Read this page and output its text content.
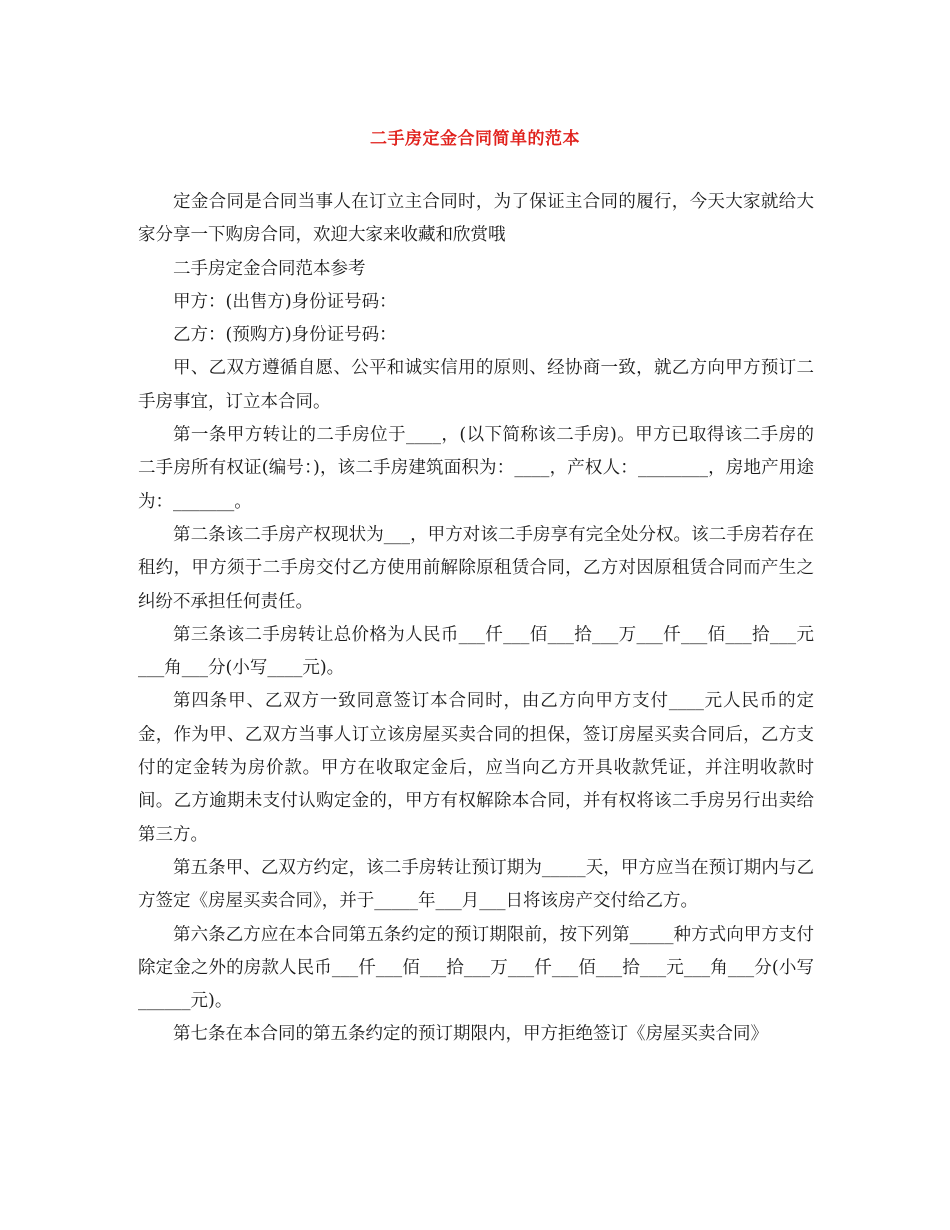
二手房定金合同简单的范本

定金合同是合同当事人在订立主合同时，为了保证主合同的履行，今天大家就给大家分享一下购房合同，欢迎大家来收藏和欣赏哦

二手房定金合同范本参考

甲方：(出售方)身份证号码：

乙方：(预购方)身份证号码：

甲、乙双方遵循自愿、公平和诚实信用的原则、经协商一致，就乙方向甲方预订二手房事宜，订立本合同。

第一条甲方转让的二手房位于____，(以下简称该二手房)。甲方已取得该二手房的二手房所有权证(编号：)，该二手房建筑面积为：____，产权人：________，房地产用途为：_______。

第二条该二手房产权现状为___，甲方对该二手房享有完全处分权。该二手房若存在租约，甲方须于二手房交付乙方使用前解除原租赁合同，乙方对因原租赁合同而产生之纠纷不承担任何责任。

第三条该二手房转让总价格为人民币___仟___佰___拾___万___仟___佰___拾___元___角___分(小写____元)。

第四条甲、乙双方一致同意签订本合同时，由乙方向甲方支付____元人民币的定金，作为甲、乙双方当事人订立该房屋买卖合同的担保，签订房屋买卖合同后，乙方支付的定金转为房价款。甲方在收取定金后，应当向乙方开具收款凭证，并注明收款时间。乙方逾期未支付认购定金的，甲方有权解除本合同，并有权将该二手房另行出卖给第三方。

第五条甲、乙双方约定，该二手房转让预订期为_____天，甲方应当在预订期内与乙方签定《房屋买卖合同》，并于_____年___月___日将该房产交付给乙方。

第六条乙方应在本合同第五条约定的预订期限前，按下列第_____种方式向甲方支付除定金之外的房款人民币___仟___佰___拾___万___仟___佰___拾___元___角___分(小写______元)。

第七条在本合同的第五条约定的预订期限内，甲方拒绝签订《房屋买卖合同》
